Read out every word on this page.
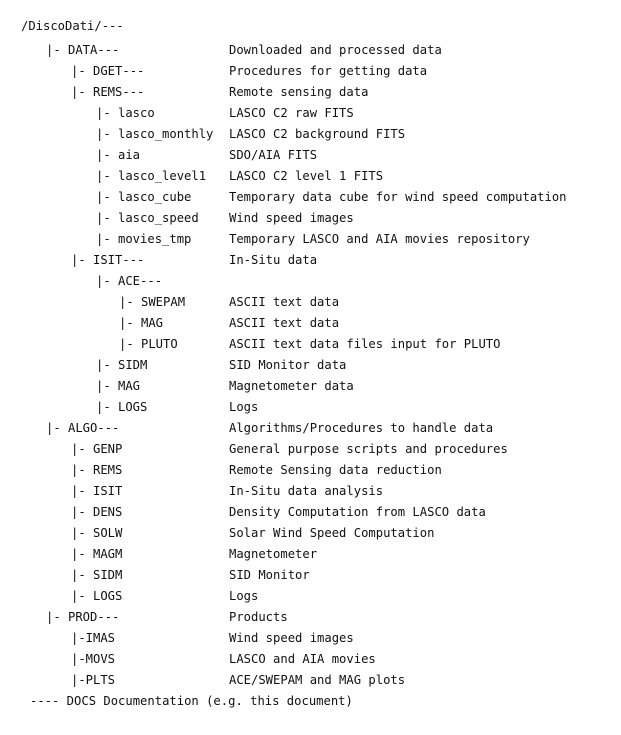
/DiscoDati/---
|- DATA---	Downloaded and processed data
|- DGET---	Procedures for getting data
|- REMS---	Remote sensing data
|- lasco	LASCO C2 raw FITS
|- lasco_monthly LASCO C2 background FITS
|- aia	SDO/AIA FITS
|- lasco_level1 LASCO C2 level 1 FITS
|- lasco_cube	Temporary data cube for wind speed computation
|- lasco_speed Wind speed images
|- movies_tmp	Temporary LASCO and AIA movies repository
|- ISIT---	In-Situ data
|- ACE---
|- SWEPAM	ASCII text data
|- MAG	ASCII text data
|- PLUTO	ASCII text data files input for PLUTO
|- SIDM	SID Monitor data
|- MAG	Magnetometer data
|- LOGS	Logs
|- ALGO---	Algorithms/Procedures to handle data
|- GENP	General purpose scripts and procedures
|- REMS	Remote Sensing data reduction
|- ISIT	In-Situ data analysis
|- DENS	Density Computation from LASCO data
|- SOLW	Solar Wind Speed Computation
|- MAGM	Magnetometer
|- SIDM	SID Monitor
|- LOGS	Logs
|- PROD---	Products
|-IMAS	Wind speed images
|-MOVS	LASCO and AIA movies
|-PLTS	ACE/SWEPAM and MAG plots
---- DOCS Documentation (e.g. this document)
